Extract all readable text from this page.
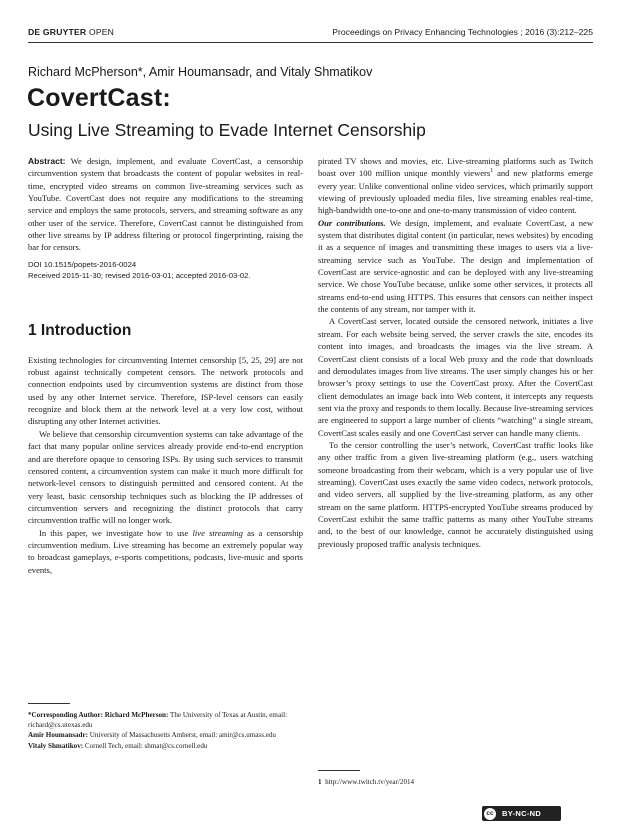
DE GRUYTER OPEN	Proceedings on Privacy Enhancing Technologies ; 2016 (3):212–225
Richard McPherson*, Amir Houmansadr, and Vitaly Shmatikov
CovertCast:
Using Live Streaming to Evade Internet Censorship

Abstract: We design, implement, and evaluate CovertCast, a censorship circumvention system that broadcasts the content of popular websites in real-time, encrypted video streams on common live-streaming services such as YouTube. CovertCast does not require any modifications to the streaming service and employs the same protocols, servers, and streaming software as any other user of the service. Therefore, CovertCast cannot be distinguished from other live streams by IP address filtering or protocol fingerprinting, raising the bar for censors.

DOI 10.1515/popets-2016-0024
Received 2015-11-30; revised 2016-03-01; accepted 2016-03-02.
1 Introduction

Existing technologies for circumventing Internet censorship [5, 25, 29] are not robust against technically competent censors. The network protocols and connection endpoints used by circumvention systems are distinct from those used by any other Internet service. Therefore, ISP-level censors can easily recognize and block them at the network level at a very low cost, without disrupting any other Internet activities.

We believe that censorship circumvention systems can take advantage of the fact that many popular online services already provide end-to-end encryption and are therefore opaque to censoring ISPs. By using such services to transmit censored content, a circumvention system can make it much more difficult for network-level censors to distinguish permitted and censored content. At the very least, basic censorship techniques such as blocking the IP addresses of circumvention servers and recognizing the distinct protocols that carry circumvention traffic will no longer work.

In this paper, we investigate how to use live streaming as a censorship circumvention medium. Live streaming has become an extremely popular way to broadcast gameplays, e-sports competitions, podcasts, live-music and sports events,

pirated TV shows and movies, etc. Live-streaming platforms such as Twitch boast over 100 million unique monthly viewers$^1$ and new platforms emerge every year. Unlike conventional online video services, which primarily support viewing of previously uploaded media files, live streaming enables real-time, high-bandwidth one-to-one and one-to-many transmission of video content.

Our contributions. We design, implement, and evaluate CovertCast, a new system that distributes digital content (in particular, news websites) by encoding it as a sequence of images and transmitting these images to users via a live-streaming service such as YouTube. The design and implementation of CovertCast are service-agnostic and can be deployed with any live-streaming service. We chose YouTube because, unlike some other services, it protects all streams end-to-end using HTTPS. This ensures that censors can neither inspect the contents of any stream, nor tamper with it.

A CovertCast server, located outside the censored network, initiates a live stream. For each website being served, the server crawls the site, encodes its content into images, and broadcasts the images via the live stream. A CovertCast client consists of a local Web proxy and the code that downloads and demodulates images from live streams. The user simply changes his or her browser’s proxy settings to use the CovertCast proxy. After the CovertCast client demodulates an image back into Web content, it intercepts any requests sent via the proxy and responds to them locally. Because live-streaming services are engineered to support a large number of clients “watching” a single stream, CovertCast scales easily and one CovertCast server can handle many clients.

To the censor controlling the user’s network, CovertCast traffic looks like any other traffic from a given live-streaming platform (e.g., users watching someone broadcasting from their webcam, which is a very popular use of live streaming). CovertCast uses exactly the same video codecs, network protocols, and video servers, all supplied by the live-streaming platform, as any other stream on the same platform. HTTPS-encrypted YouTube streams produced by CovertCast exhibit the same traffic patterns as many other YouTube streams and, to the best of our knowledge, cannot be accurately distinguished using previously proposed traffic analysis techniques.

*Corresponding Author: Richard McPherson: The University of Texas at Austin, email: richard@cs.utexas.edu

Amir Houmansadr: University of Massachusetts Amherst, email: amir@cs.umass.edu

Vitaly Shmatikov: Cornell Tech, email: shmat@cs.cornell.edu

1 http://www.twitch.tv/year/2014

cc	BY-NC-ND
